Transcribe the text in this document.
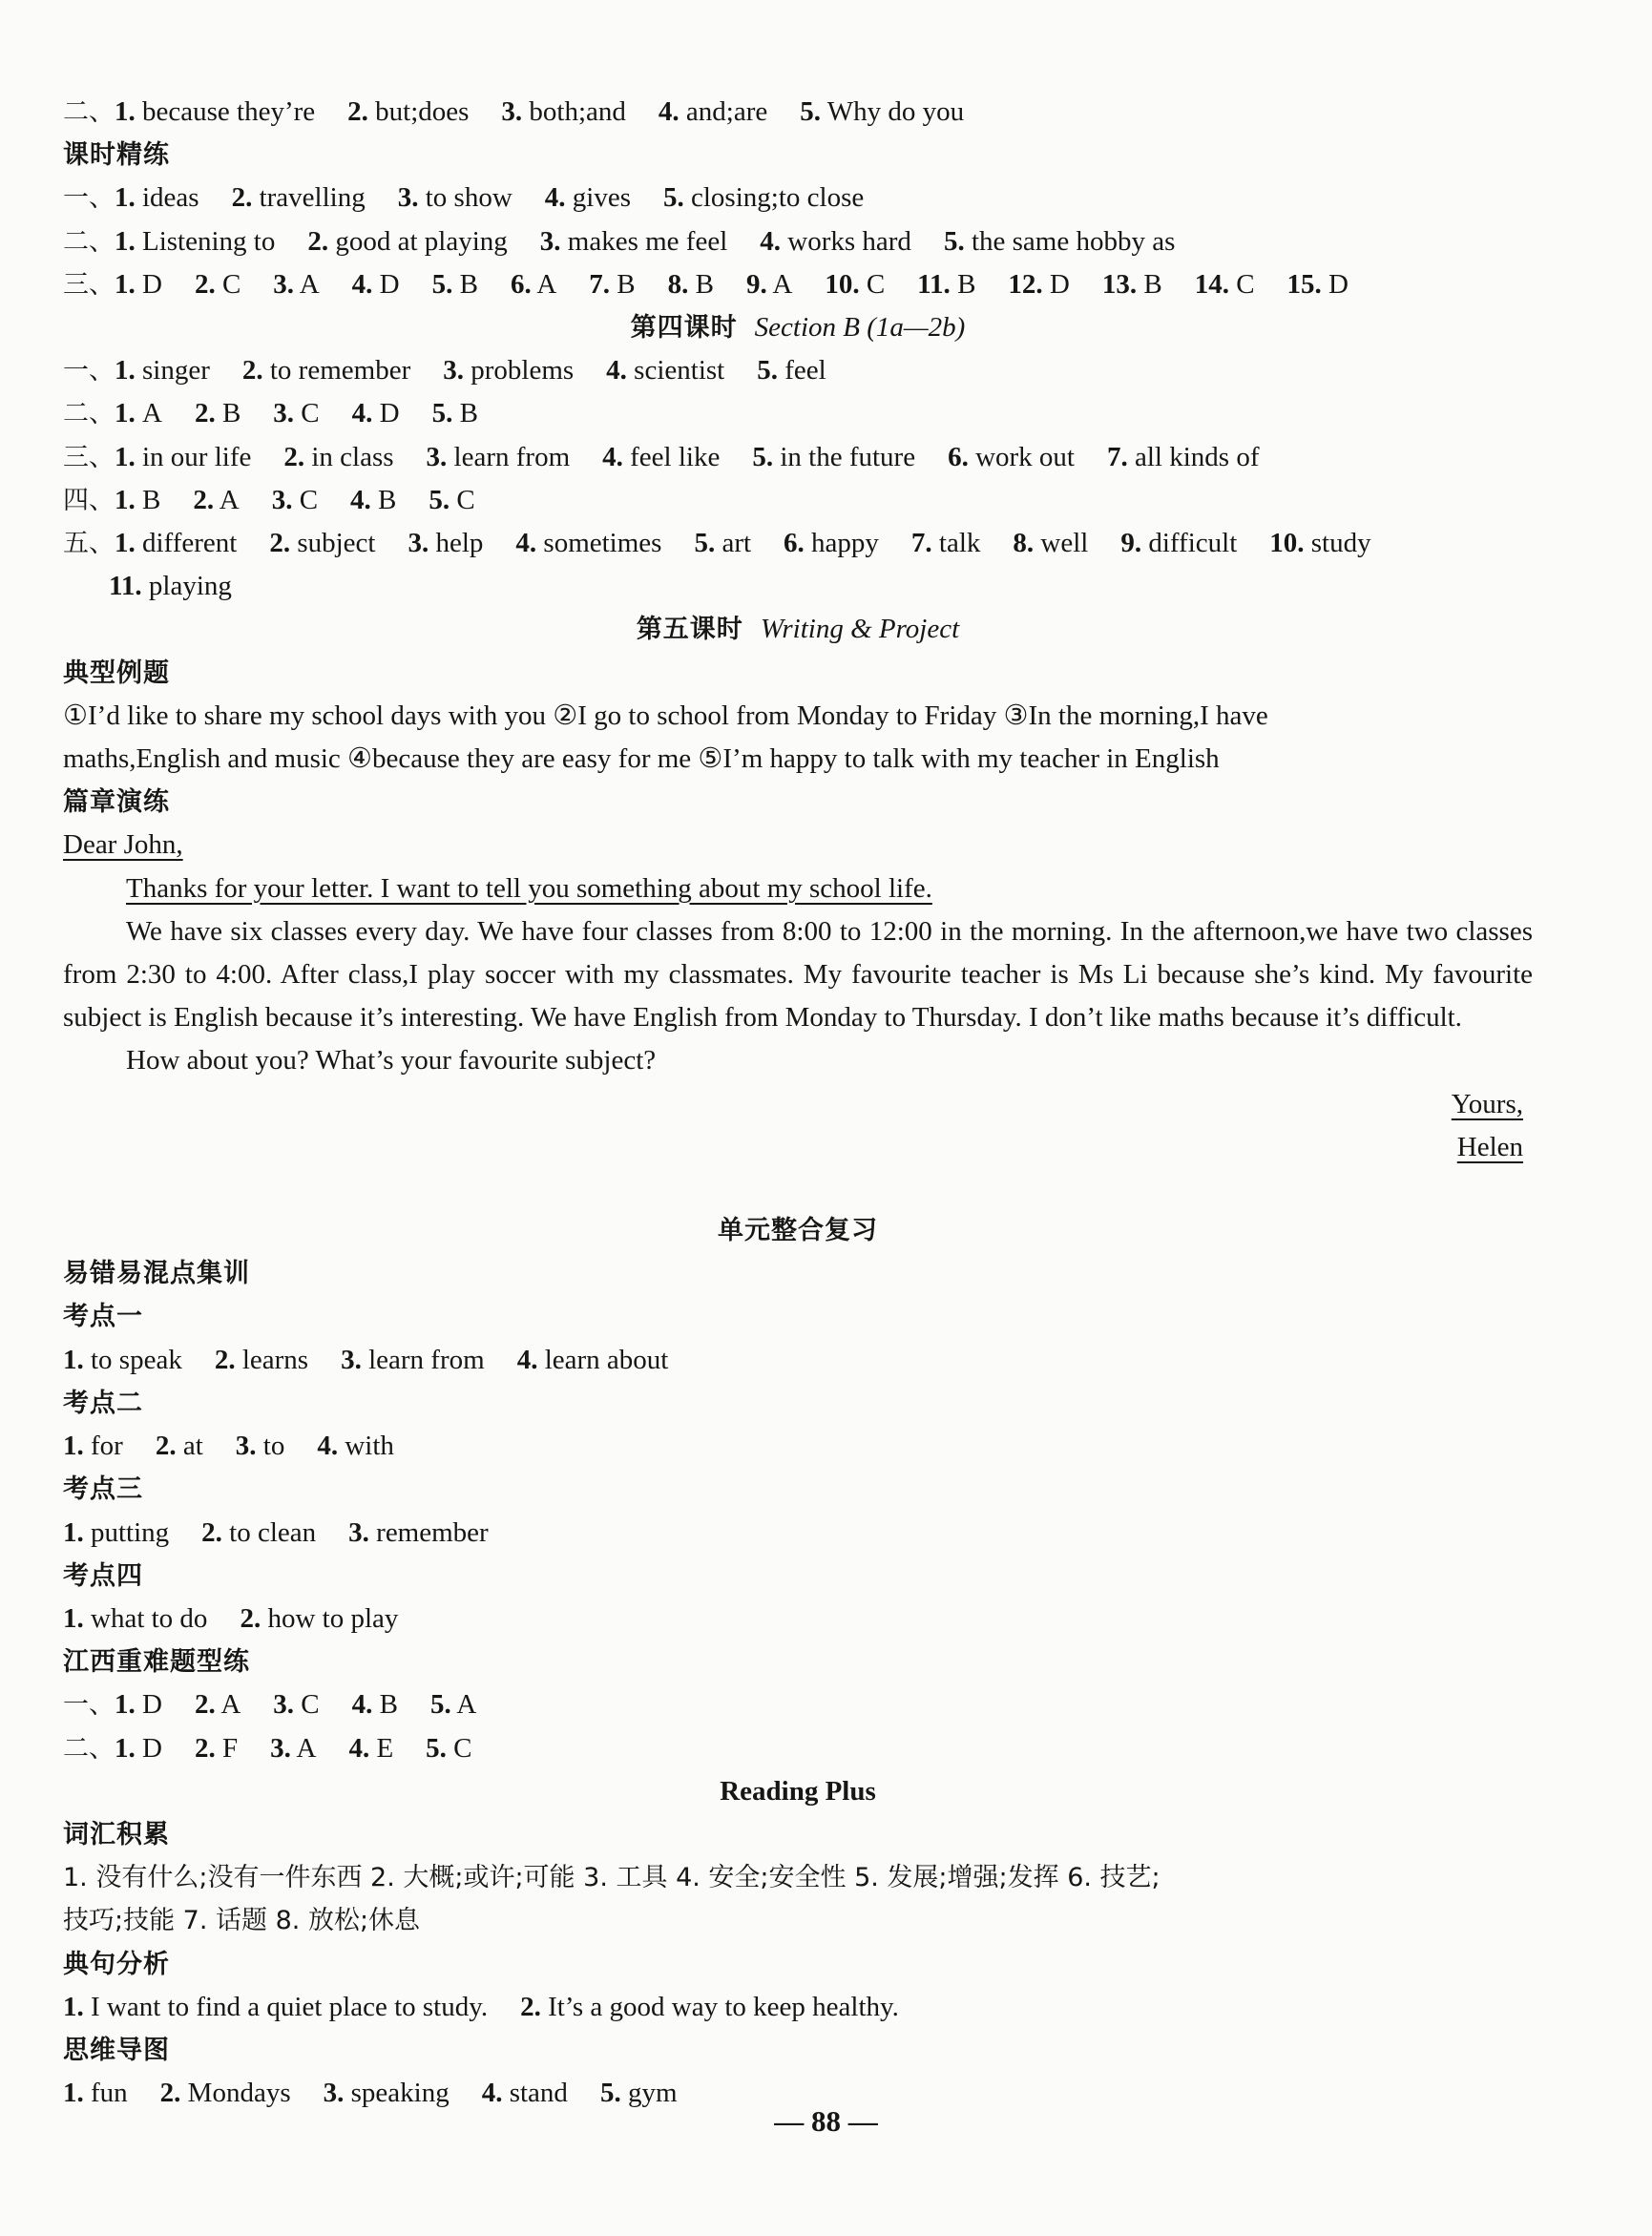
二、1. because they’re 2. but;does 3. both;and 4. and;are 5. Why do you
课时精练
一、1. ideas 2. travelling 3. to show 4. gives 5. closing;to close
二、1. Listening to 2. good at playing 3. makes me feel 4. works hard 5. the same hobby as
三、1. D 2. C 3. A 4. D 5. B 6. A 7. B 8. B 9. A 10. C 11. B 12. D 13. B 14. C 15. D
第四课时 Section B (1a—2b)
一、1. singer 2. to remember 3. problems 4. scientist 5. feel
二、1. A 2. B 3. C 4. D 5. B
三、1. in our life 2. in class 3. learn from 4. feel like 5. in the future 6. work out 7. all kinds of
四、1. B 2. A 3. C 4. B 5. C
五、1. different 2. subject 3. help 4. sometimes 5. art 6. happy 7. talk 8. well 9. difficult 10. study
11. playing
第五课时 Writing & Project
典型例题
①I’d like to share my school days with you ②I go to school from Monday to Friday ③In the morning,I have
maths,English and music ④because they are easy for me ⑤I’m happy to talk with my teacher in English
篇章演练
Dear John,
Thanks for your letter. I want to tell you something about my school life.
We have six classes every day. We have four classes from 8:00 to 12:00 in the morning. In the afternoon,we have two classes from 2:30 to 4:00. After class,I play soccer with my classmates. My favourite teacher is Ms Li because she’s kind. My favourite subject is English because it’s interesting. We have English from Monday to Thursday. I don’t like maths because it’s difficult.
How about you? What’s your favourite subject?
Yours,
Helen
单元整合复习
易错易混点集训
考点一
1. to speak 2. learns 3. learn from 4. learn about
考点二
1. for 2. at 3. to 4. with
考点三
1. putting 2. to clean 3. remember
考点四
1. what to do 2. how to play
江西重难题型练
一、1. D 2. A 3. C 4. B 5. A
二、1. D 2. F 3. A 4. E 5. C
Reading Plus
词汇积累
1. 没有什么;没有一件东西 2. 大概;或许;可能 3. 工具 4. 安全;安全性 5. 发展;增强;发挥 6. 技艺;
技巧;技能 7. 话题 8. 放松;休息
典句分析
1. I want to find a quiet place to study. 2. It’s a good way to keep healthy.
思维导图
1. fun 2. Mondays 3. speaking 4. stand 5. gym
— 88 —
